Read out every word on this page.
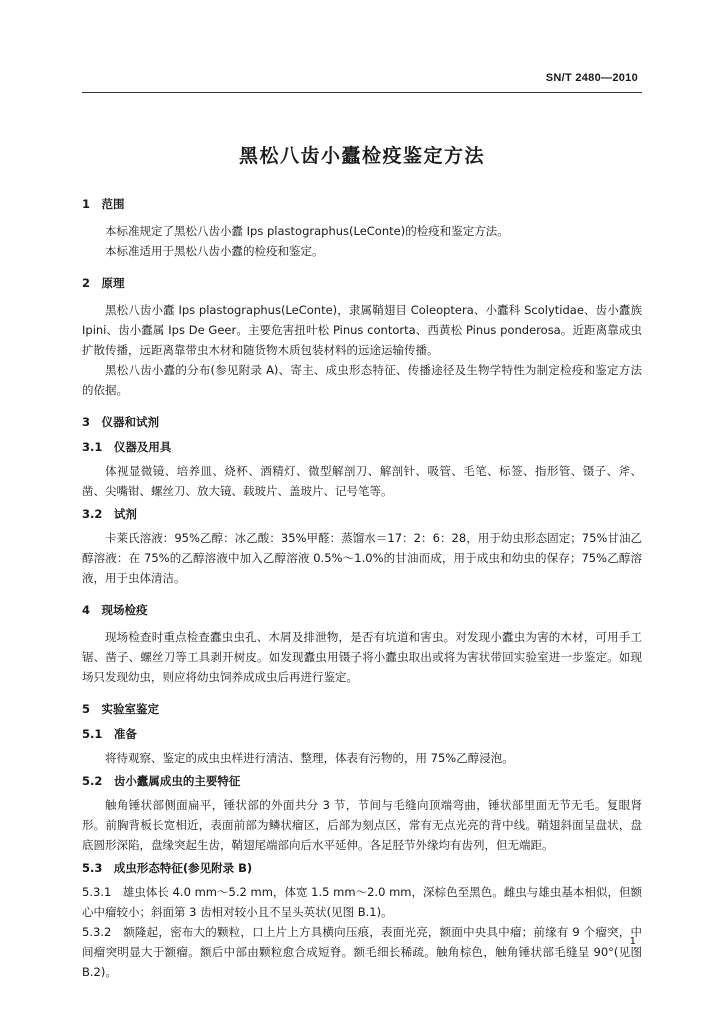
SN/T 2480—2010
黑松八齿小蠹检疫鉴定方法

1　范围

本标准规定了黑松八齿小蠹 Ips plastographus(LeConte)的检疫和鉴定方法。

本标准适用于黑松八齿小蠹的检疫和鉴定。

2　原理

黑松八齿小蠹 Ips plastographus(LeConte)，隶属鞘翅目 Coleoptera、小蠹科 Scolytidae、齿小蠹族 Ipini、齿小蠹属 Ips De Geer。主要危害扭叶松 Pinus contorta、西黄松 Pinus ponderosa。近距离靠成虫扩散传播，远距离靠带虫木材和随货物木质包装材料的远途运输传播。

黑松八齿小蠹的分布(参见附录 A)、寄主、成虫形态特征、传播途径及生物学特性为制定检疫和鉴定方法的依据。

3　仪器和试剂

3.1　仪器及用具

体视显微镜、培养皿、烧杯、酒精灯、微型解剖刀、解剖针、吸管、毛笔、标签、指形管、镊子、斧、凿、尖嘴钳、螺丝刀、放大镜、载玻片、盖玻片、记号笔等。

3.2　试剂

卡莱氏溶液：95%乙醇：冰乙酸：35%甲醛：蒸馏水＝17：2：6：28，用于幼虫形态固定；75%甘油乙醇溶液：在 75%的乙醇溶液中加入乙醇溶液 0.5%～1.0%的甘油而成，用于成虫和幼虫的保存；75%乙醇溶液，用于虫体清洁。

4　现场检疫

现场检查时重点检查蠹虫虫孔、木屑及排泄物，是否有坑道和害虫。对发现小蠹虫为害的木材，可用手工锯、凿子、螺丝刀等工具剥开树皮。如发现蠹虫用镊子将小蠹虫取出或将为害状带回实验室进一步鉴定。如现场只发现幼虫，则应将幼虫饲养成成虫后再进行鉴定。

5　实验室鉴定

5.1　准备

将待观察、鉴定的成虫虫样进行清洁、整理，体表有污物的，用 75%乙醇浸泡。

5.2　齿小蠹属成虫的主要特征

触角锤状部侧面扁平，锤状部的外面共分 3 节，节间与毛缝向顶端弯曲，锤状部里面无节无毛。复眼肾形。前胸背板长宽相近，表面前部为鳞状瘤区，后部为刻点区，常有无点光亮的背中线。鞘翅斜面呈盘状，盘底圆形深陷，盘缘突起生齿，鞘翅尾端部向后水平延伸。各足胫节外缘均有齿列，但无端距。

5.3　成虫形态特征(参见附录 B)

5.3.1　雄虫体长 4.0 mm～5.2 mm，体宽 1.5 mm～2.0 mm，深棕色至黑色。雌虫与雄虫基本相似，但额心中瘤较小；斜面第 3 齿相对较小且不呈头英状(见图 B.1)。

5.3.2　额隆起，密布大的颗粒，口上片上方具横向压痕，表面光亮，额面中央具中瘤；前缘有 9 个瘤突，中间瘤突明显大于额瘤。额后中部由颗粒愈合成短脊。额毛细长稀疏。触角棕色，触角锤状部毛缝呈 90°(见图 B.2)。

1
